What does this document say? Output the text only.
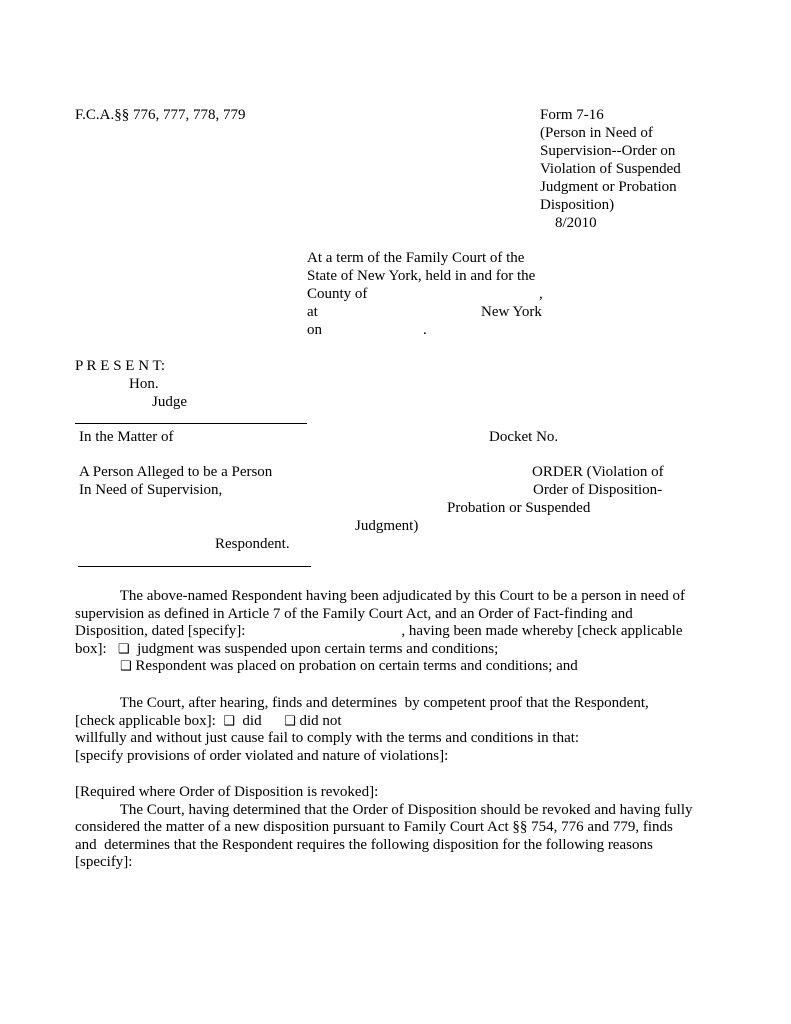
F.C.A.§§ 776, 777, 778, 779	Form 7-16
(Person in Need of
Supervision--Order on
Violation of Suspended
Judgment or Probation
Disposition)
8/2010
At a term of the Family Court of the
State of New York, held in and for the
County of	,
at	New York
on	.
P R E S E N T:
Hon.
Judge
In the Matter of	Docket No.
A Person Alleged to be a Person
In Need of Supervision,
ORDER (Violation of
Order of Disposition-
Probation or Suspended
Judgment)
Respondent.
The above-named Respondent having been adjudicated by this Court to be a person in need of
supervision as defined in Article 7 of the Family Court Act, and an Order of Fact-finding and
Disposition, dated [specify]:	, having been made whereby [check applicable
box]: ❑ judgment was suspended upon certain terms and conditions;
❑ Respondent was placed on probation on certain terms and conditions; and
The Court, after hearing, finds and determines  by competent proof that the Respondent,
[check applicable box]: ❑ did ❑ did not
willfully and without just cause fail to comply with the terms and conditions in that:
[specify provisions of order violated and nature of violations]:
[Required where Order of Disposition is revoked]:
The Court, having determined that the Order of Disposition should be revoked and having fully
considered the matter of a new disposition pursuant to Family Court Act §§ 754, 776 and 779, finds
and  determines that the Respondent requires the following disposition for the following reasons
[specify]:
